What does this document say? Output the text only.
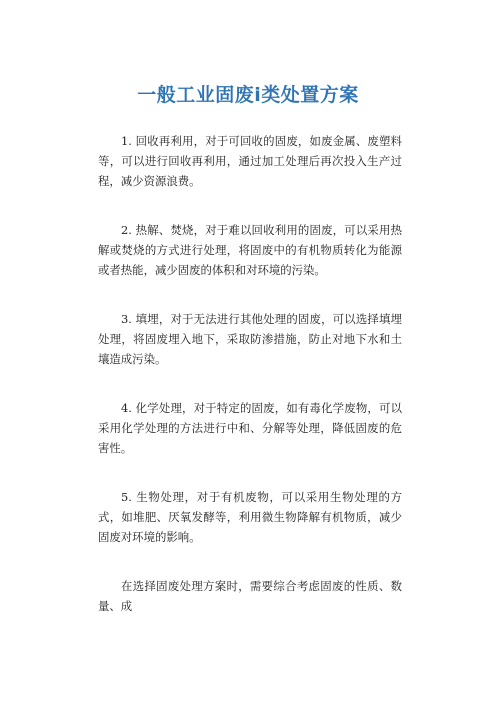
一般工业固废ⅰ类处置方案

1. 回收再利用，对于可回收的固废，如废金属、废塑料等，可以进行回收再利用，通过加工处理后再次投入生产过程，减少资源浪费。

2. 热解、焚烧，对于难以回收利用的固废，可以采用热解或焚烧的方式进行处理，将固废中的有机物质转化为能源或者热能，减少固废的体积和对环境的污染。

3. 填埋，对于无法进行其他处理的固废，可以选择填埋处理，将固废埋入地下，采取防渗措施，防止对地下水和土壤造成污染。

4. 化学处理，对于特定的固废，如有毒化学废物，可以采用化学处理的方法进行中和、分解等处理，降低固废的危害性。

5. 生物处理，对于有机废物，可以采用生物处理的方式，如堆肥、厌氧发酵等，利用微生物降解有机物质，减少固废对环境的影响。

在选择固废处理方案时，需要综合考虑固废的性质、数量、成
